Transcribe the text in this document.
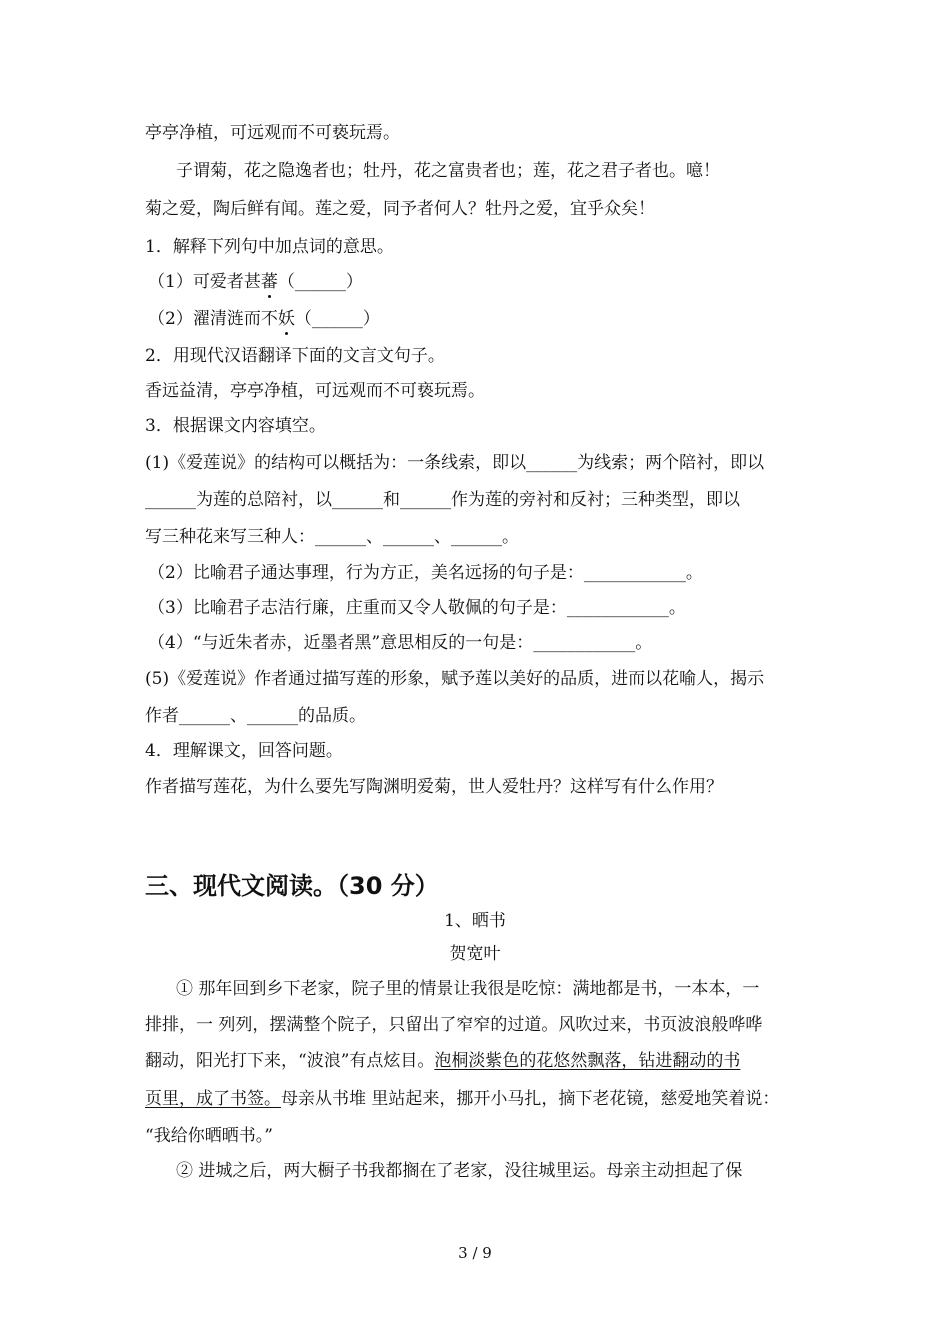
亭亭净植，可远观而不可亵玩焉。
子谓菊，花之隐逸者也；牡丹，花之富贵者也；莲，花之君子者也。噫！
菊之爱，陶后鲜有闻。莲之爱，同予者何人？牡丹之爱，宜乎众矣！
1．解释下列句中加点词的意思。
（1）可爱者甚蕃（______）
（2）濯清涟而不妖（______）
2．用现代汉语翻译下面的文言文句子。
香远益清，亭亭净植，可远观而不可亵玩焉。
3．根据课文内容填空。
(1)《爱莲说》的结构可以概括为：一条线索，即以______为线索；两个陪衬，即以
______为莲的总陪衬，以______和______作为莲的旁衬和反衬；三种类型，即以
写三种花来写三种人：______、______、______。
（2）比喻君子通达事理，行为方正，美名远扬的句子是：____________。
（3）比喻君子志洁行廉，庄重而又令人敬佩的句子是：____________。
（4）“与近朱者赤，近墨者黑”意思相反的一句是：____________。
(5)《爱莲说》作者通过描写莲的形象，赋予莲以美好的品质，进而以花喻人，揭示
作者______、______的品质。
4．理解课文，回答问题。
作者描写莲花，为什么要先写陶渊明爱菊，世人爱牡丹？这样写有什么作用？
三、现代文阅读。（30 分）
1、晒书
贺宽叶
① 那年回到乡下老家，院子里的情景让我很是吃惊：满地都是书，一本本，一
排排，一 列列，摆满整个院子，只留出了窄窄的过道。风吹过来，书页波浪般哗哗
翻动，阳光打下来，“波浪”有点炫目。泡桐淡紫色的花悠然飘落，钻进翻动的书
页里，成了书签。母亲从书堆 里站起来，挪开小马扎，摘下老花镜，慈爱地笑着说：
“我给你晒晒书。”
② 进城之后，两大橱子书我都搁在了老家，没往城里运。母亲主动担起了保
3 / 9
